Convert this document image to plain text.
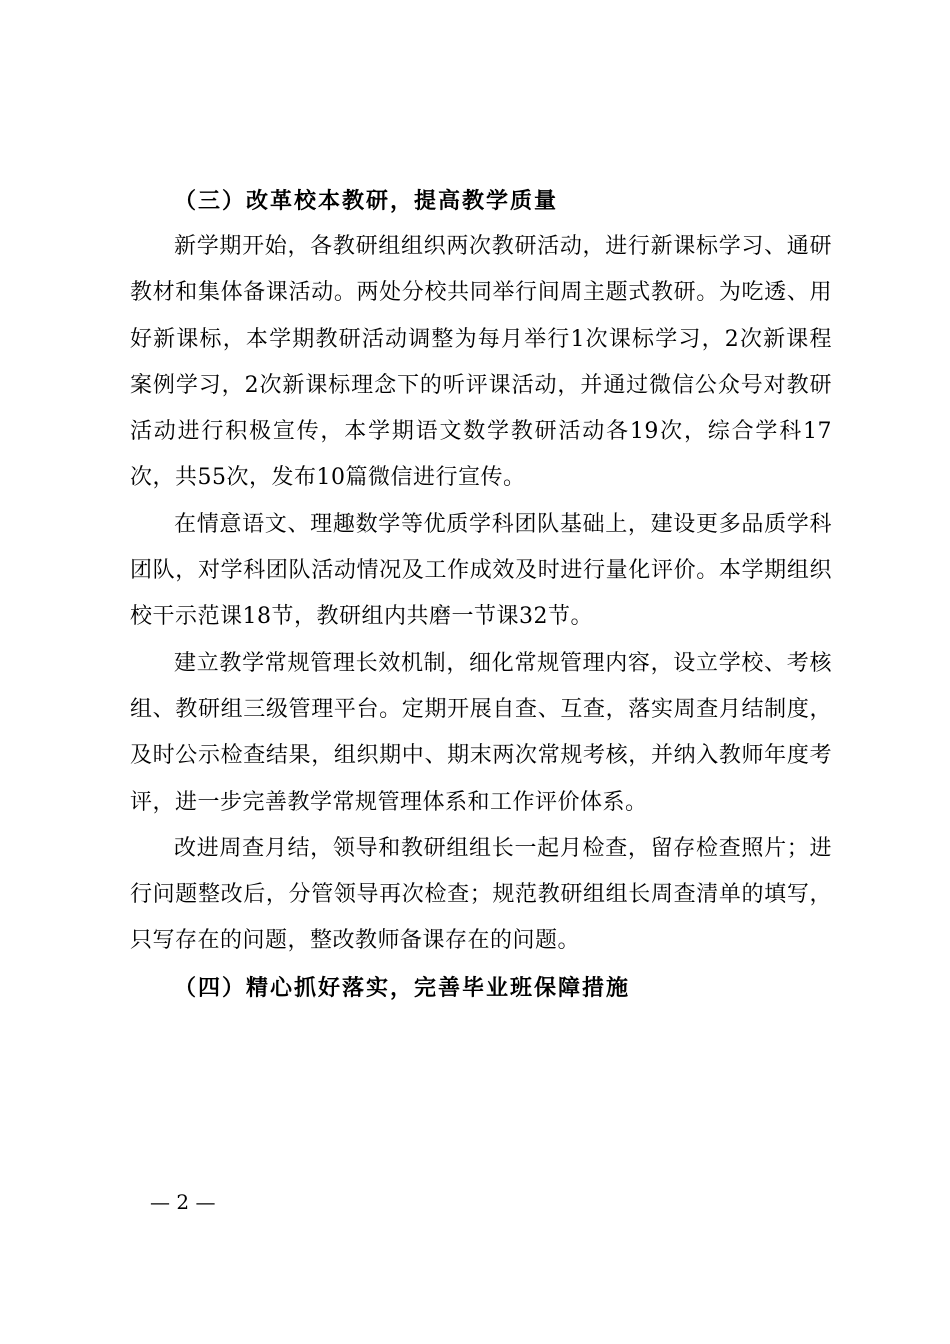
（三）改革校本教研，提高教学质量

新学期开始，各教研组组织两次教研活动，进行新课标学习、通研教材和集体备课活动。两处分校共同举行间周主题式教研。为吃透、用好新课标，本学期教研活动调整为每月举行1次课标学习，2次新课程案例学习，2次新课标理念下的听评课活动，并通过微信公众号对教研活动进行积极宣传，本学期语文数学教研活动各19次，综合学科17次，共55次，发布10篇微信进行宣传。

在情意语文、理趣数学等优质学科团队基础上，建设更多品质学科团队，对学科团队活动情况及工作成效及时进行量化评价。本学期组织校干示范课18节，教研组内共磨一节课32节。

建立教学常规管理长效机制，细化常规管理内容，设立学校、考核组、教研组三级管理平台。定期开展自查、互查，落实周查月结制度，及时公示检查结果，组织期中、期末两次常规考核，并纳入教师年度考评，进一步完善教学常规管理体系和工作评价体系。

改进周查月结，领导和教研组组长一起月检查，留存检查照片；进行问题整改后，分管领导再次检查；规范教研组组长周查清单的填写，只写存在的问题，整改教师备课存在的问题。

（四）精心抓好落实，完善毕业班保障措施
— 2 —
